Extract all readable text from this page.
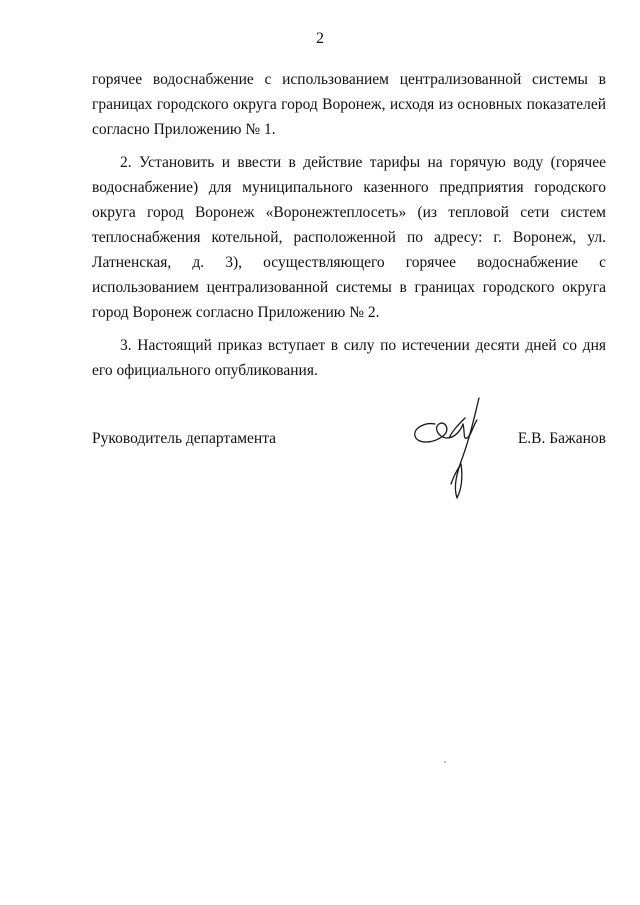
2

горячее водоснабжение с использованием централизованной системы в границах городского округа город Воронеж, исходя из основных показателей согласно Приложению № 1.

2. Установить и ввести в действие тарифы на горячую воду (горячее водоснабжение) для муниципального казенного предприятия городского округа город Воронеж «Воронежтеплосеть» (из тепловой сети систем теплоснабжения котельной, расположенной по адресу: г. Воронеж, ул. Латненская, д. 3), осуществляющего горячее водоснабжение с использованием централизованной системы в границах городского округа город Воронеж согласно Приложению № 2.

3. Настоящий приказ вступает в силу по истечении десяти дней со дня его официального опубликования.

Руководитель департамента	Е.В. Бажанов
